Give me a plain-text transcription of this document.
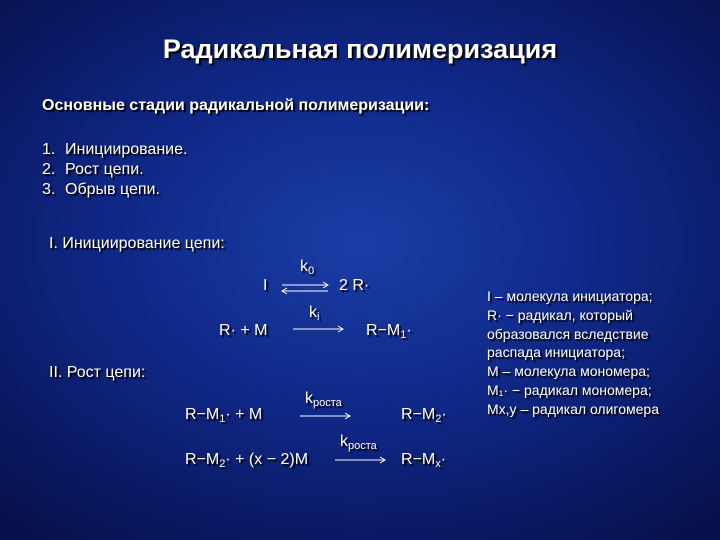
Радикальная полимеризация
Основные стадии радикальной полимеризации:
1. Инициирование.
2. Рост цепи.
3. Обрыв цепи.
I. Инициирование цепи:
I
$k_0$
⇌ 2 R·
R· + M
$k_i$
→ $R-M_1\cdot$
II. Рост цепи:
$R-M_1\cdot + M$
$k_{роста}$
$R-M_2\cdot$
$R-M_2\cdot + (x - 2)M$
$k_{роста}$
→ $R-M_x\cdot$
I – молекула инициатора;
R· − радикал, который
образовался вследствие
распада инициатора;
M – молекула мономера;
M₁· − радикал мономера;
Mx,y – радикал олигомера
